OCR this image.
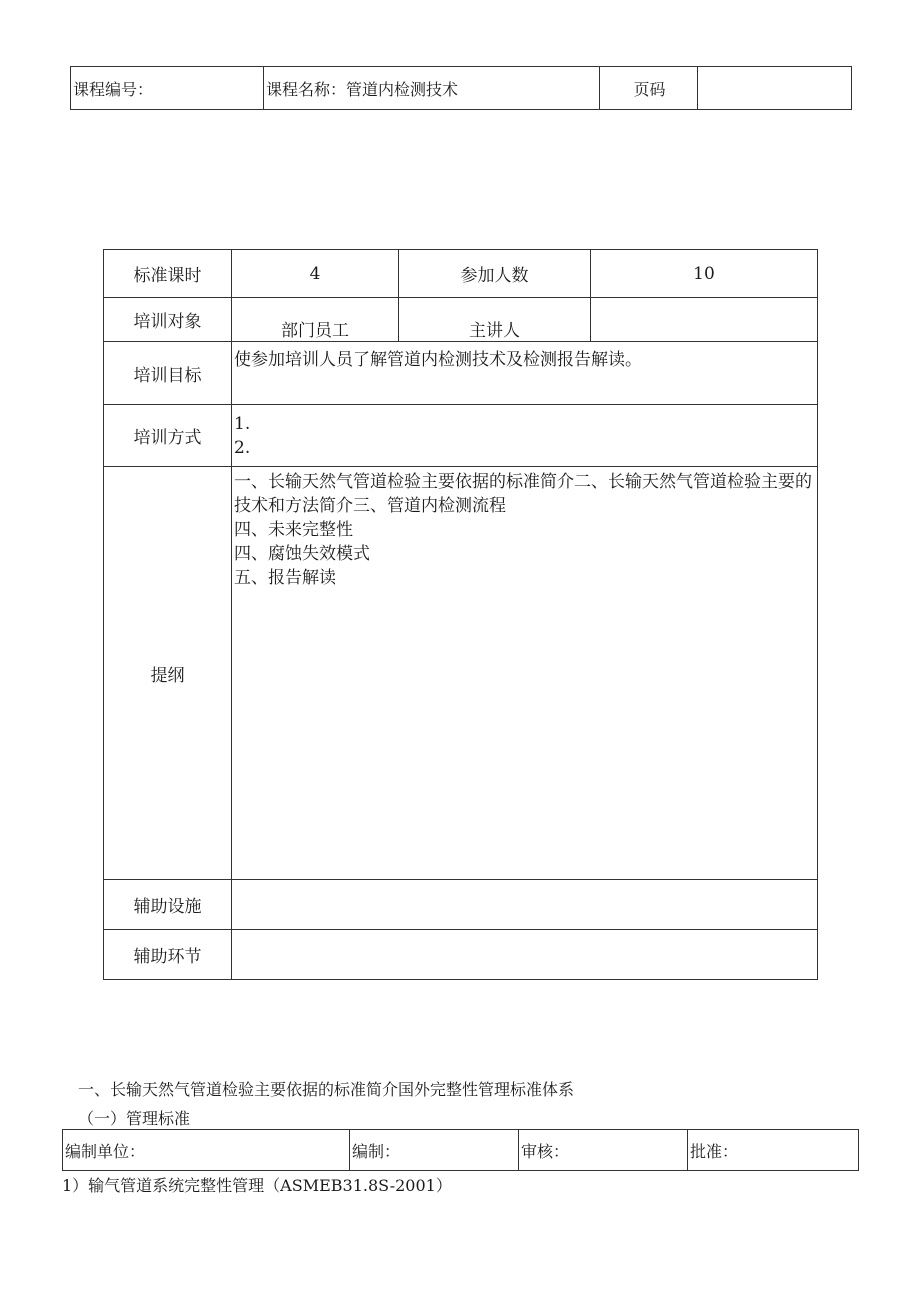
课程编号：	课程名称：管道内检测技术	页码	
标准课时	4	参加人数	10
培训对象	部门员工	主讲人	
培训目标	使参加培训人员了解管道内检测技术及检测报告解读。		
培训方式	1.
2.		

提纲	一、长输天然气管道检验主要依据的标准简介二、长输天然气管道检验主要的
技术和方法简介三、管道内检测流程
四、未来完整性
四、腐蚀失效模式
五、报告解读		

辅助设施			
辅助环节			
一、长输天然气管道检验主要依据的标准简介国外完整性管理标准体系
（一）管理标准
编制单位：	编制：	审核：	批准：
1）输气管道系统完整性管理（ASMEB31.8S-2001）
